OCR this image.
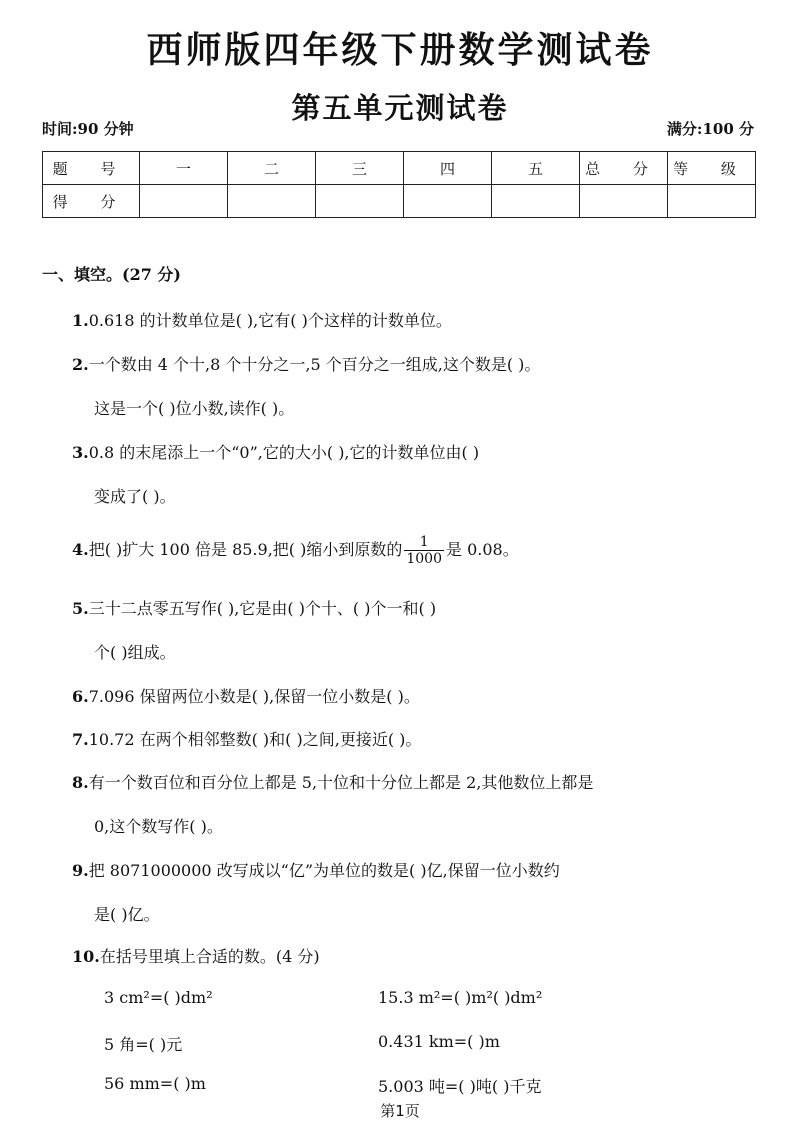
西师版四年级下册数学测试卷
第五单元测试卷
时间:90 分钟	满分:100 分
题 号	一	二	三	四	五	总 分	等 级
得 分							
一、填空。(27 分)
1.0.618 的计数单位是( ),它有( )个这样的计数单位。
2.一个数由 4 个十,8 个十分之一,5 个百分之一组成,这个数是( )。
这是一个( )位小数,读作( )。
3.0.8 的末尾添上一个“0”,它的大小( ),它的计数单位由( )
变成了( )。
4.把( )扩大 100 倍是 85.9,把( )缩小到原数的 $\frac{1}{1000}$ 是 0.08。
5.三十二点零五写作( ),它是由( )个十、( )个一和( )
个( )组成。
6.7.096 保留两位小数是( ),保留一位小数是( )。
7.10.72 在两个相邻整数( )和( )之间,更接近( )。
8.有一个数百位和百分位上都是 5,十位和十分位上都是 2,其他数位上都是
0,这个数写作( )。
9.把 8071000000 改写成以“亿”为单位的数是( )亿,保留一位小数约
是( )亿。
10.在括号里填上合适的数。(4 分)
3 cm²=( )dm²	15.3 m²=( )m²( )dm²
5 角=( )元	0.431 km=( )m
56 mm=( )m	5.003 吨=( )吨( )千克
第1页
